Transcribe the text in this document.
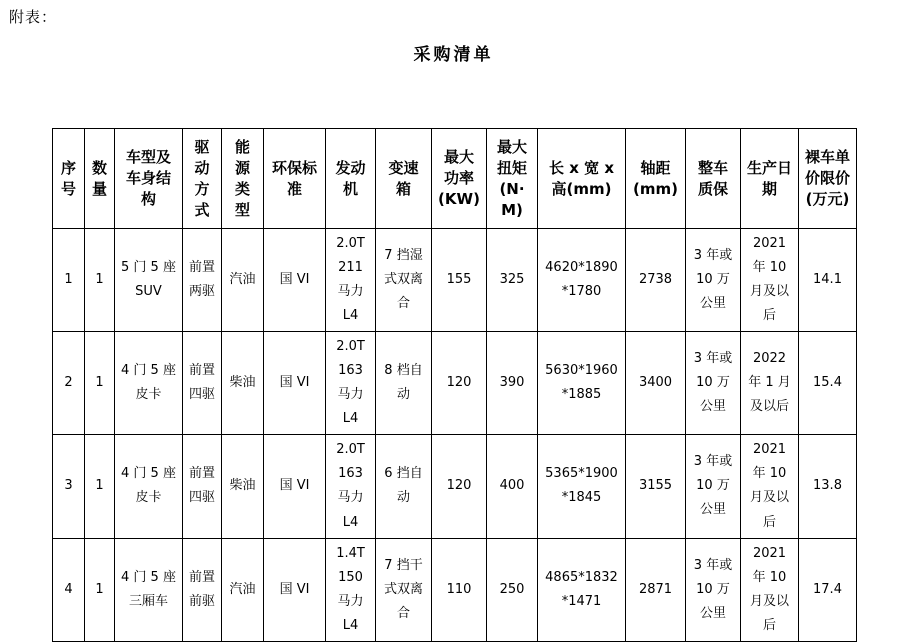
附表：
采购清单
序号	数量	车型及车身结构	驱动方式	能源类型	环保标准	发动机	变速箱	最大功率(KW)	最大扭矩(N·M)	长 x 宽 x 高(mm)	轴距(mm)	整车质保	生产日期	裸车单价限价(万元)
1	1	5 门 5 座 SUV	前置两驱	汽油	国 VI	2.0T 211 马力 L4	7 挡湿式双离合	155	325	4620*1890*1780	2738	3 年或 10 万公里	2021 年 10 月及以后	14.1
2	1	4 门 5 座皮卡	前置四驱	柴油	国 VI	2.0T 163 马力 L4	8 档自动	120	390	5630*1960*1885	3400	3 年或 10 万公里	2022 年 1 月及以后	15.4
3	1	4 门 5 座皮卡	前置四驱	柴油	国 VI	2.0T 163 马力 L4	6 挡自动	120	400	5365*1900*1845	3155	3 年或 10 万公里	2021 年 10 月及以后	13.8
4	1	4 门 5 座三厢车	前置前驱	汽油	国 VI	1.4T 150 马力 L4	7 挡干式双离合	110	250	4865*1832*1471	2871	3 年或 10 万公里	2021 年 10 月及以后	17.4
